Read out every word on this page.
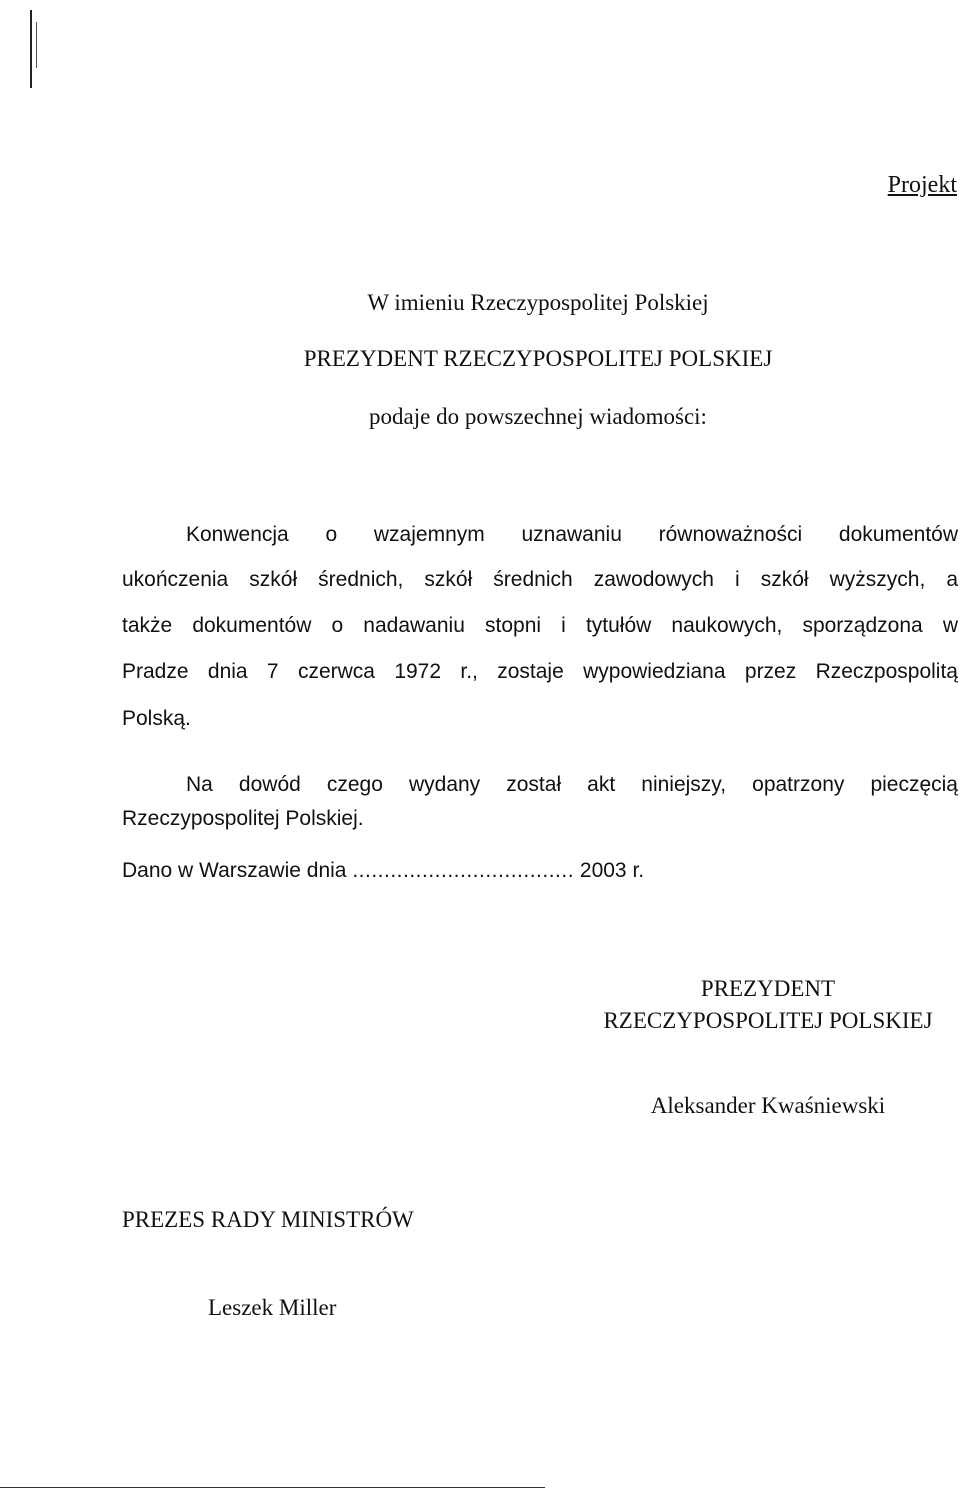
Projekt
W imieniu Rzeczypospolitej Polskiej
PREZYDENT RZECZYPOSPOLITEJ POLSKIEJ
podaje do powszechnej wiadomości:
Konwencja o wzajemnym uznawaniu równoważności dokumentów
ukończenia szkół średnich, szkół średnich zawodowych i szkół wyższych, a
także dokumentów o nadawaniu stopni i tytułów naukowych, sporządzona w
Pradze dnia 7 czerwca 1972 r., zostaje wypowiedziana przez Rzeczpospolitą
Polską.
Na dowód czego wydany został akt niniejszy, opatrzony pieczęcią
Rzeczypospolitej Polskiej.
Dano w Warszawie dnia ................................... 2003 r.
PREZYDENT
RZECZYPOSPOLITEJ POLSKIEJ
Aleksander Kwaśniewski
PREZES RADY MINISTRÓW
Leszek Miller
